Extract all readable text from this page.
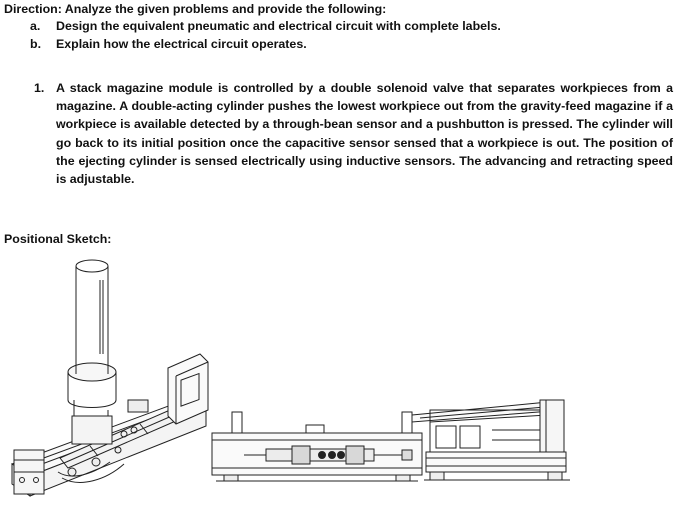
Direction: Analyze the given problems and provide the following:
a. Design the equivalent pneumatic and electrical circuit with complete labels.
b. Explain how the electrical circuit operates.
1. A stack magazine module is controlled by a double solenoid valve that separates workpieces from a magazine. A double-acting cylinder pushes the lowest workpiece out from the gravity-feed magazine if a workpiece is available detected by a through-bean sensor and a pushbutton is pressed. The cylinder will go back to its initial position once the capacitive sensor sensed that a workpiece is out. The position of the ejecting cylinder is sensed electrically using inductive sensors. The advancing and retracting speed is adjustable.
Positional Sketch:
